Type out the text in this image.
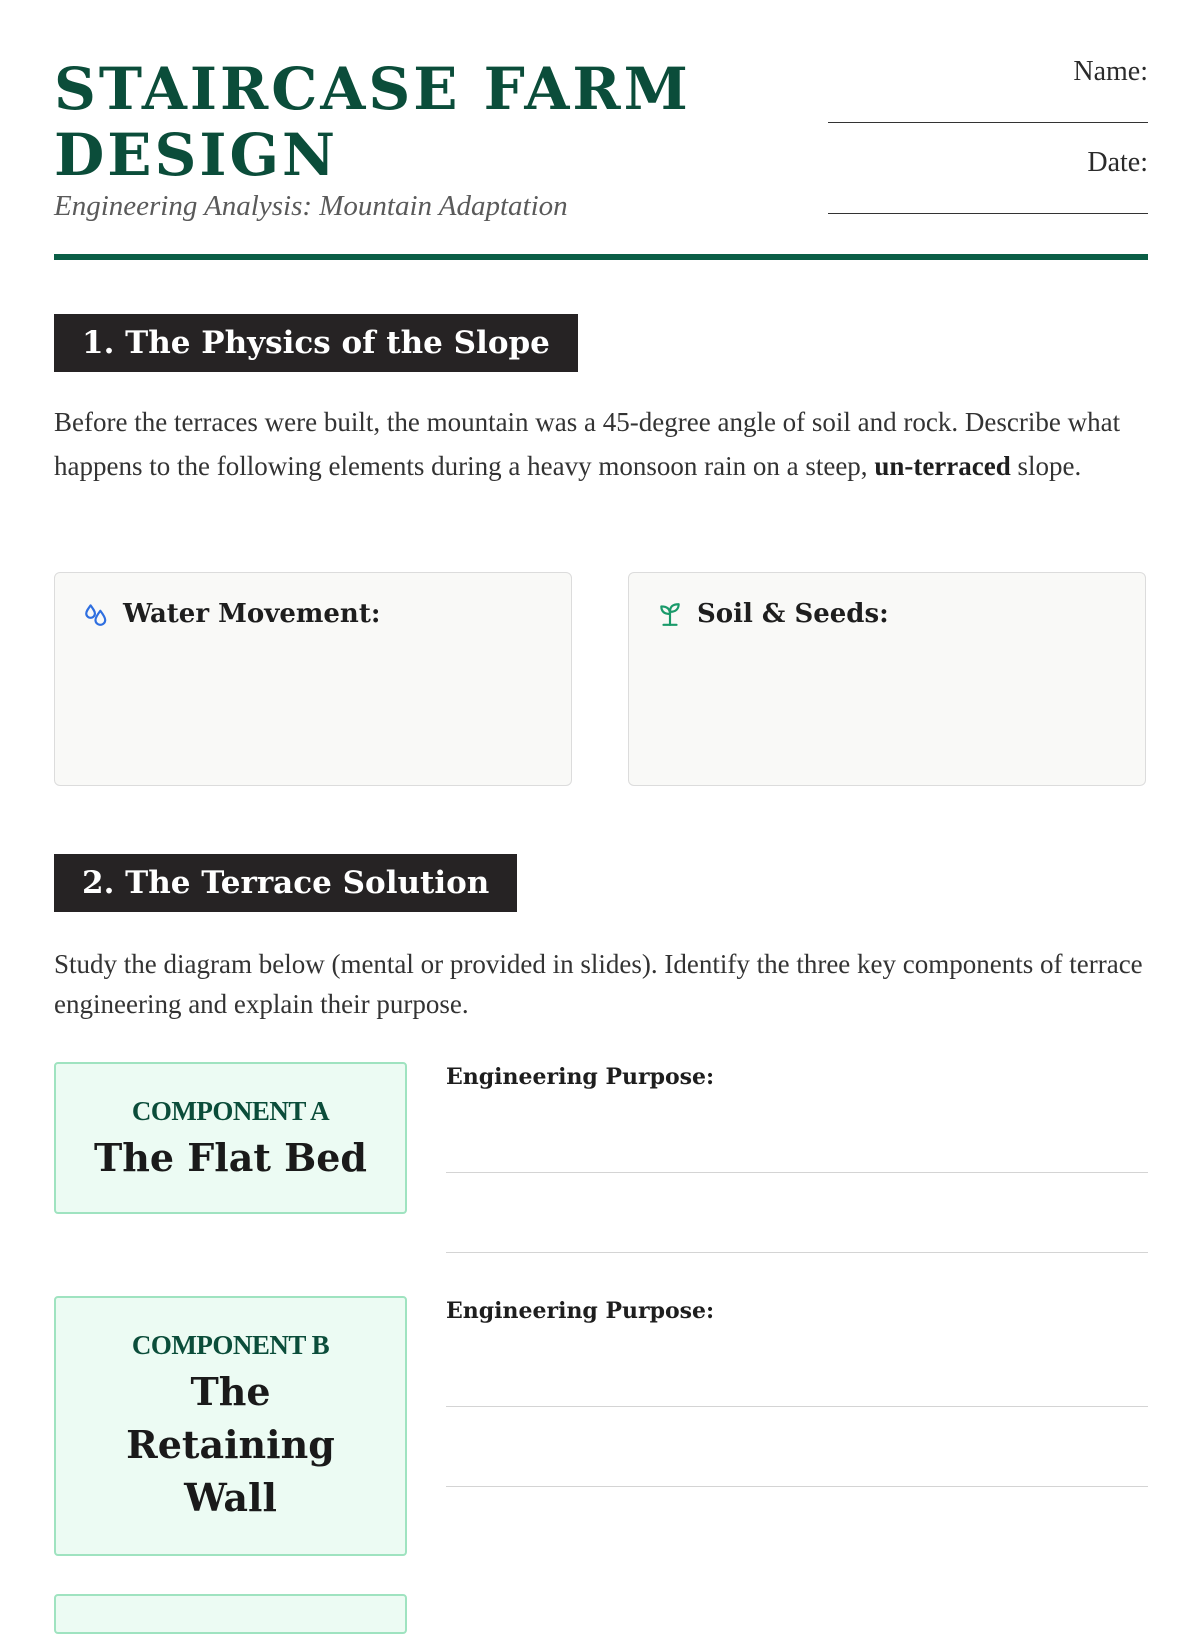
STAIRCASE FARM DESIGN

Engineering Analysis: Mountain Adaptation

Name:
Date:
1. The Physics of the Slope

Before the terraces were built, the mountain was a 45-degree angle of soil and rock. Describe what happens to the following elements during a heavy monsoon rain on a steep, un-terraced slope.

Water Movement:	Soil & Seeds:
2. The Terrace Solution

Study the diagram below (mental or provided in slides). Identify the three key components of terrace engineering and explain their purpose.

COMPONENT A
The Flat Bed
Engineering Purpose:
COMPONENT B
The Retaining Wall
Engineering Purpose:
